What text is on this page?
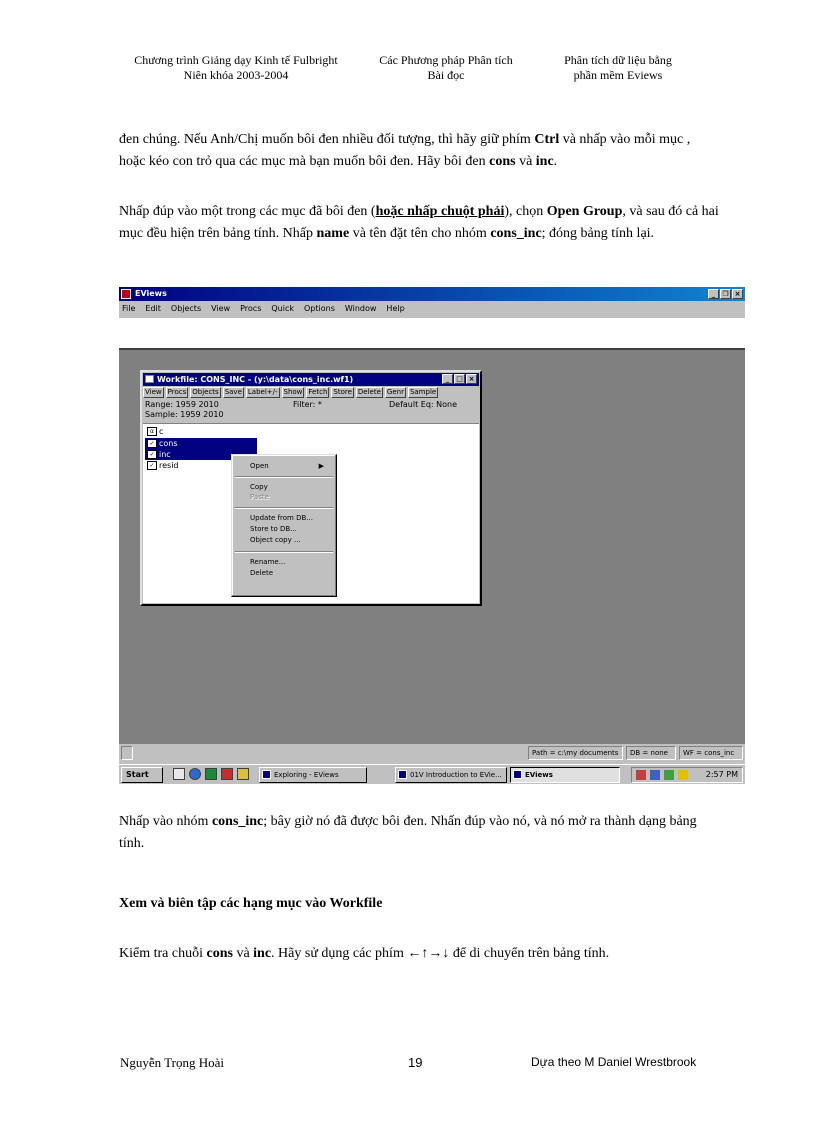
Chương trình Giảng dạy Kinh tế Fulbright
Niên khóa 2003-2004
Các Phương pháp Phân tích
Bài đọc
Phân tích dữ liệu bằng
phần mềm Eviews
đen chúng. Nếu Anh/Chị muốn bôi đen nhiều đối tượng, thì hãy giữ phím Ctrl và nhấp vào mỗi mục , hoặc kéo con trỏ qua các mục mà bạn muốn bôi đen. Hãy bôi đen cons và inc.
Nhấp đúp vào một trong các mục đã bôi đen (hoặc nhấp chuột phải), chọn Open Group, và sau đó cả hai mục đều hiện trên bảng tính. Nhấp name và tên đặt tên cho nhóm cons_inc; đóng bảng tính lại.
EViews	_	❐ ×
File Edit Objects View Procs Quick Options Window Help
Workfile: CONS_INC - (y:\data\cons_inc.wf1)	_ □ ×
View Procs Objects Save Label+/- Show Fetch Store Delete Genr Sample
Range: 1959 2010
Sample: 1959 2010
Filter: *	Default Eq: None
α c
✓ cons
✓ inc
✓ resid	Open	▶
Copy
Paste
Update from DB...
Store to DB...
Object copy ...
Rename...
Delete
Path = c:\my documents	DB = none	WF = cons_inc
Start	Exploring - EViews	01V Introduction to EVie...	EViews	2:57 PM
Nhấp vào nhóm cons_inc; bây giờ nó đã được bôi đen. Nhấn đúp vào nó, và nó mở ra thành dạng bảng tính.
Xem và biên tập các hạng mục vào Workfile
Kiểm tra chuỗi cons và inc. Hãy sử dụng các phím ←↑→↓ để di chuyển trên bảng tính.
Nguyễn Trọng Hoài	19	Dựa theo M Daniel Wrestbrook
